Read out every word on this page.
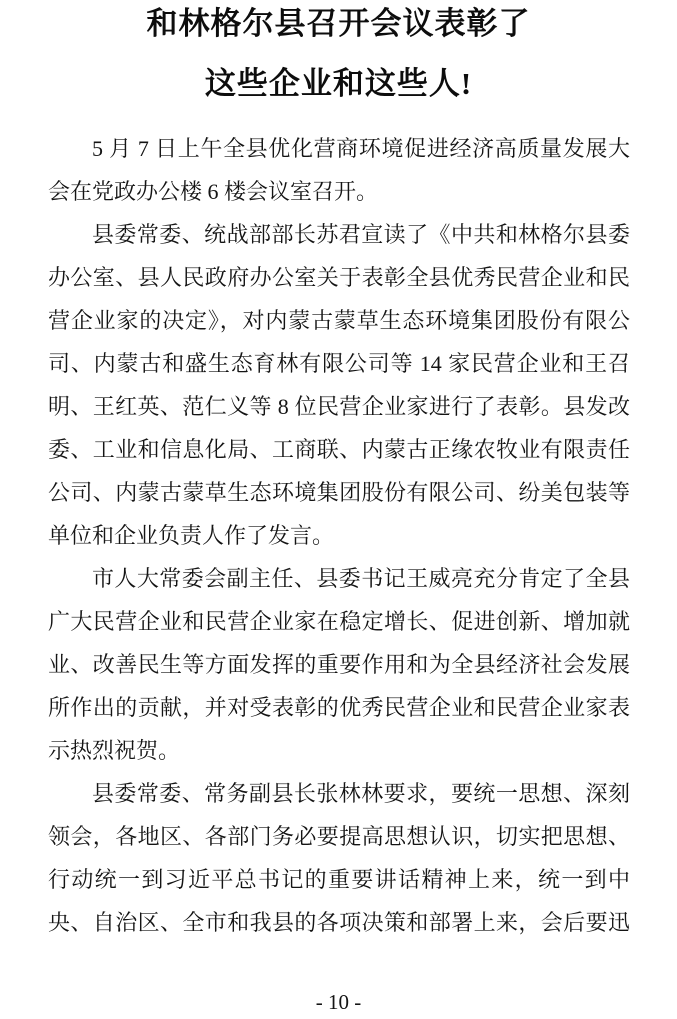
和林格尔县召开会议表彰了
这些企业和这些人!
5 月 7 日上午全县优化营商环境促进经济高质量发展大
会在党政办公楼 6 楼会议室召开。
县委常委、统战部部长苏君宣读了《中共和林格尔县委
办公室、县人民政府办公室关于表彰全县优秀民营企业和民
营企业家的决定》，对内蒙古蒙草生态环境集团股份有限公
司、内蒙古和盛生态育林有限公司等 14 家民营企业和王召
明、王红英、范仁义等 8 位民营企业家进行了表彰。县发改
委、工业和信息化局、工商联、内蒙古正缘农牧业有限责任
公司、内蒙古蒙草生态环境集团股份有限公司、纷美包装等
单位和企业负责人作了发言。
市人大常委会副主任、县委书记王威亮充分肯定了全县
广大民营企业和民营企业家在稳定增长、促进创新、增加就
业、改善民生等方面发挥的重要作用和为全县经济社会发展
所作出的贡献，并对受表彰的优秀民营企业和民营企业家表
示热烈祝贺。
县委常委、常务副县长张林林要求，要统一思想、深刻
领会，各地区、各部门务必要提高思想认识，切实把思想、
行动统一到习近平总书记的重要讲话精神上来，统一到中
央、自治区、全市和我县的各项决策和部署上来，会后要迅
- 10 -
